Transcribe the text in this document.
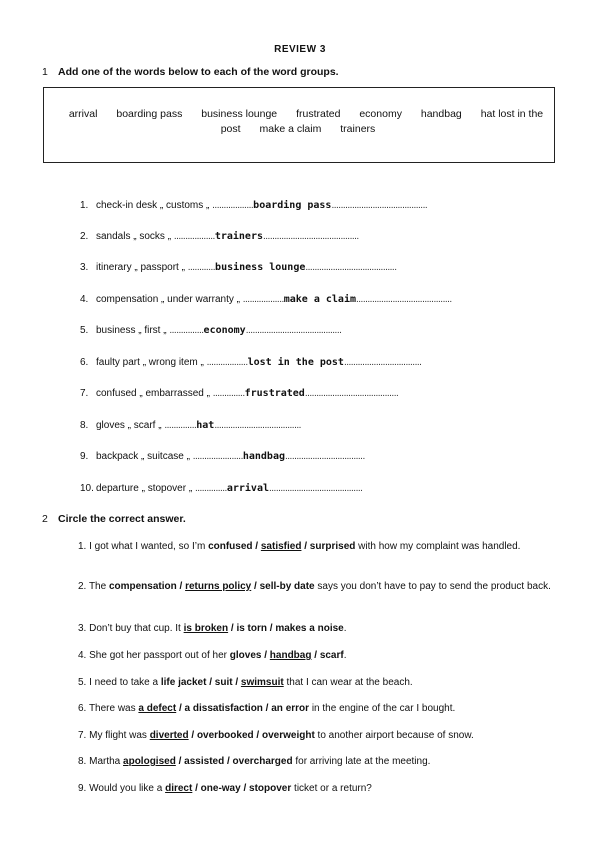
REVIEW 3
1 Add one of the words below to each of the word groups.
arrival boarding pass business lounge frustrated economy handbag hat lost in the post make a claim trainers
1. check-in desk „ customs „ ..................boarding pass..........................................
2. sandals „ socks „ ..................trainers..........................................
3. itinerary „ passport „ ............business lounge........................................
4. compensation „ under warranty „ ..................make a claim..........................................
5. business „ first „ ...............economy..........................................
6. faulty part „ wrong item „ ..................lost in the post..................................
7. confused „ embarrassed „ ..............frustrated.........................................
8. gloves „ scarf „ ..............hat......................................
9. backpack „ suitcase „ ......................handbag...................................
10. departure „ stopover „ ..............arrival.........................................
2 Circle the correct answer.
1. I got what I wanted, so I’m confused / satisfied / surprised with how my complaint was handled.
2. The compensation / returns policy / sell-by date says you don’t have to pay to send the product back.
3. Don’t buy that cup. It is broken / is torn / makes a noise.
4. She got her passport out of her gloves / handbag / scarf.
5. I need to take a life jacket / suit / swimsuit that I can wear at the beach.
6. There was a defect / a dissatisfaction / an error in the engine of the car I bought.
7. My flight was diverted / overbooked / overweight to another airport because of snow.
8. Martha apologised / assisted / overcharged for arriving late at the meeting.
9. Would you like a direct / one-way / stopover ticket or a return?
